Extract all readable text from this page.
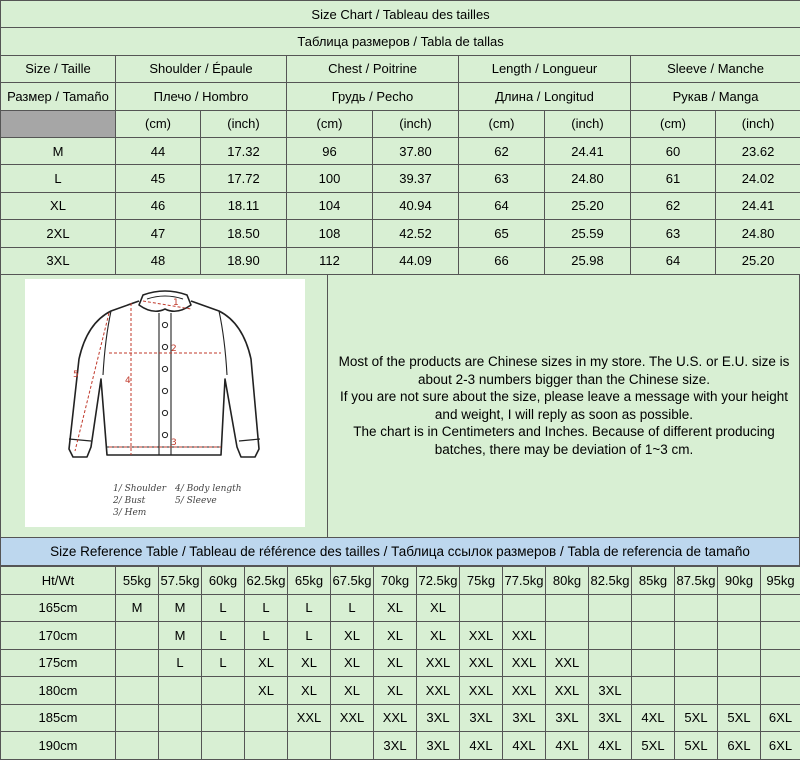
Size Chart / Tableau des tailles								
Таблица размеров / Tabla de tallas								
Size / Taille	Shoulder / Épaule		Chest / Poitrine		Length / Longueur		Sleeve / Manche	
Размер / Tamaño	Плечо / Hombro		Грудь / Pecho		Длина / Longitud		Рукав / Manga	
	(cm)	(inch)	(cm)	(inch)	(cm)	(inch)	(cm)	(inch)
M	44	17.32	96	37.80	62	24.41	60	23.62
L	45	17.72	100	39.37	63	24.80	61	24.02
XL	46	18.11	104	40.94	64	25.20	62	24.41
2XL	47	18.50	108	42.52	65	25.59	63	24.80
3XL	48	18.90	112	44.09	66	25.98	64	25.20
1
2
3
4
5
1/ Shoulder
2/ Bust
3/ Hem
4/ Body length
5/ Sleeve

Most of the products are Chinese sizes in my store. The U.S. or E.U. size is

about 2-3 numbers bigger than the Chinese size.

If you are not sure about the size, please leave a message with your height

and weight, I will reply as soon as possible.

The chart is in Centimeters and Inches. Because of different producing

batches, there may be deviation of 1~3 cm.

Size Reference Table / Tableau de référence des tailles / Таблица ссылок размеров / Tabla de referencia de tamaño
Ht/Wt	55kg	57.5kg	60kg	62.5kg	65kg	67.5kg	70kg	72.5kg	75kg	77.5kg	80kg	82.5kg	85kg	87.5kg	90kg	95kg
165cm	M	M	L	L	L	L	XL	XL								
170cm		M	L	L	L	XL	XL	XL	XXL	XXL						
175cm		L	L	XL	XL	XL	XL	XXL	XXL	XXL	XXL					
180cm				XL	XL	XL	XL	XXL	XXL	XXL	XXL	3XL				
185cm					XXL	XXL	XXL	3XL	3XL	3XL	3XL	3XL	4XL	5XL	5XL	6XL
190cm							3XL	3XL	4XL	4XL	4XL	4XL	5XL	5XL	6XL	6XL
